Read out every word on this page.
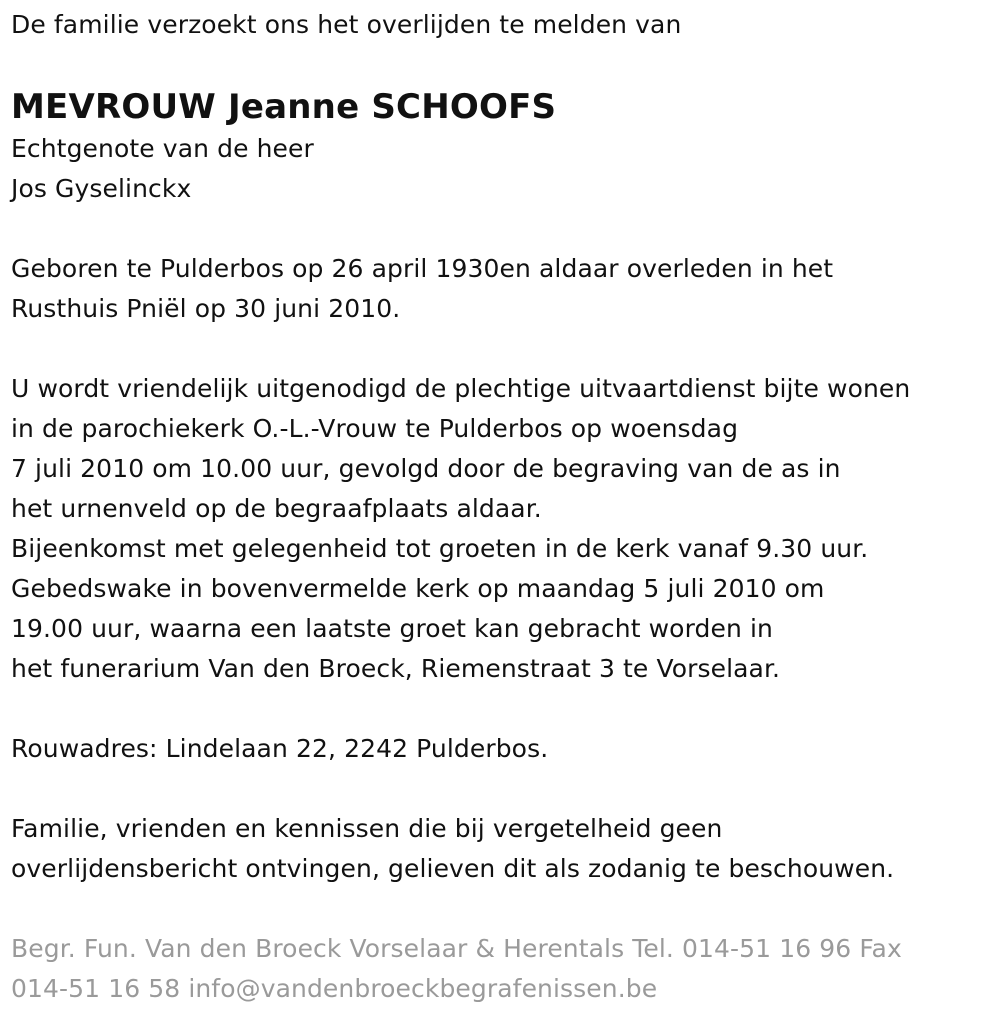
De familie verzoekt ons het overlijden te melden van

MEVROUW Jeanne SCHOOFS

Echtgenote van de heer

Jos Gyselinckx

Geboren te Pulderbos op 26 april 1930en aldaar overleden in het

Rusthuis Pniël op 30 juni 2010.

U wordt vriendelijk uitgenodigd de plechtige uitvaartdienst bijte wonen

in de parochiekerk O.-L.-Vrouw te Pulderbos op woensdag

7 juli 2010 om 10.00 uur, gevolgd door de begraving van de as in

het urnenveld op de begraafplaats aldaar.

Bijeenkomst met gelegenheid tot groeten in de kerk vanaf 9.30 uur.

Gebedswake in bovenvermelde kerk op maandag 5 juli 2010 om

19.00 uur, waarna een laatste groet kan gebracht worden in

het funerarium Van den Broeck, Riemenstraat 3 te Vorselaar.

Rouwadres: Lindelaan 22, 2242 Pulderbos.

Familie, vrienden en kennissen die bij vergetelheid geen

overlijdensbericht ontvingen, gelieven dit als zodanig te beschouwen.

Begr. Fun. Van den Broeck Vorselaar & Herentals Tel. 014-51 16 96 Fax

014-51 16 58 info@vandenbroeckbegrafenissen.be
